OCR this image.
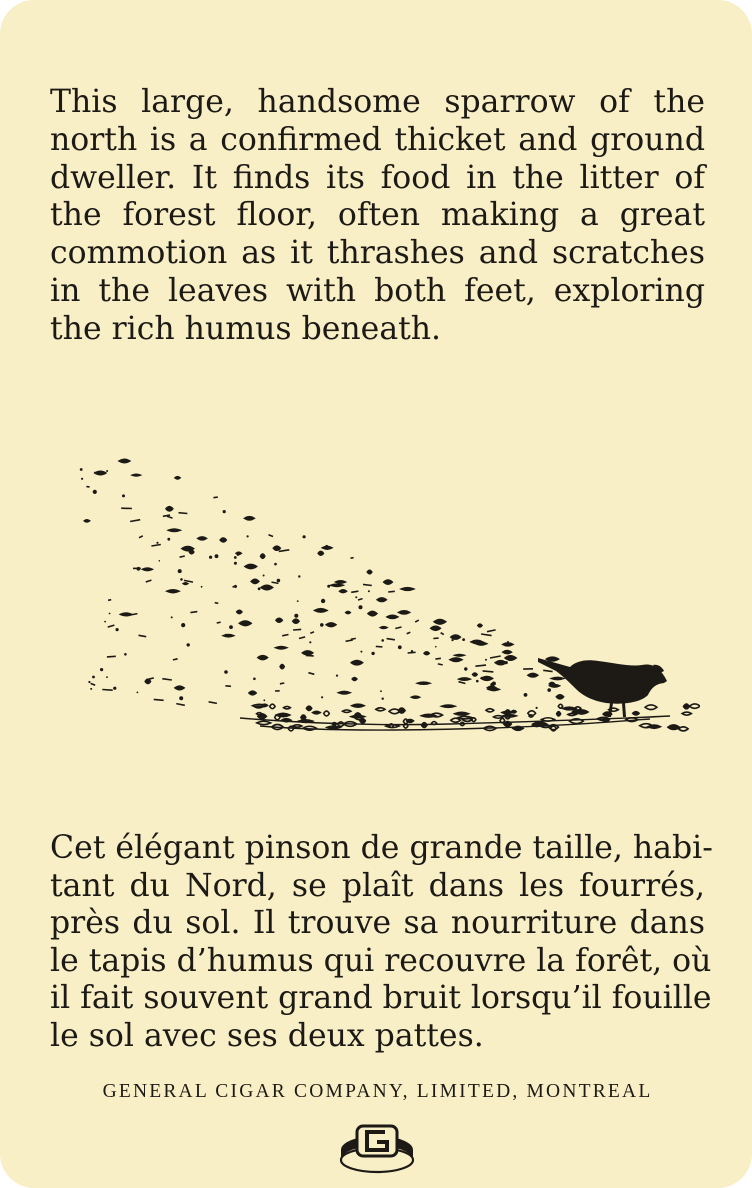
This large, handsome sparrow of the
north is a confirmed thicket and ground
dweller. It finds its food in the litter of
the forest floor, often making a great
commotion as it thrashes and scratches
in the leaves with both feet, exploring
the rich humus beneath.

Cet élégant pinson de grande taille, habi-
tant du Nord, se plaît dans les fourrés,
près du sol. Il trouve sa nourriture dans
le tapis d’humus qui recouvre la forêt, où
il fait souvent grand bruit lorsqu’il fouille
le sol avec ses deux pattes.

GENERAL CIGAR COMPANY, LIMITED, MONTREAL
